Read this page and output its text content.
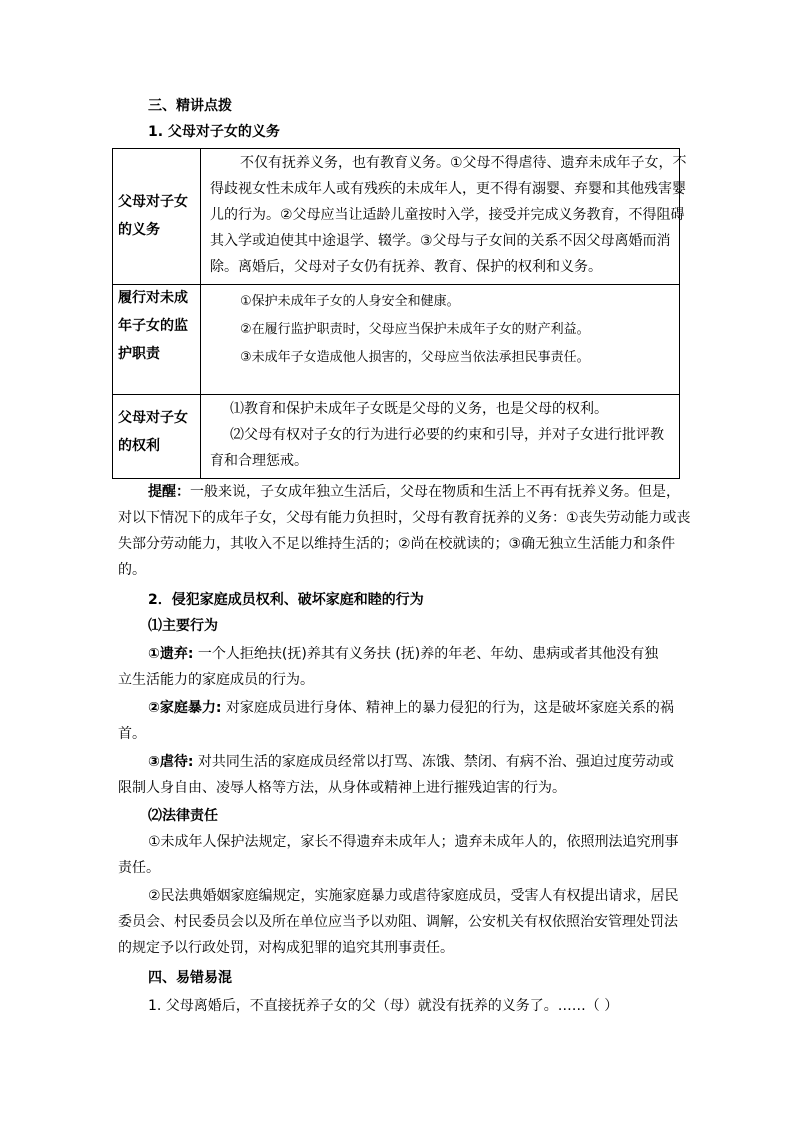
三、精讲点拨
1. 父母对子女的义务
父母对子女的义务
不仅有抚养义务，也有教育义务。①父母不得虐待、遗弃未成年子女，不
得歧视女性未成年人或有残疾的未成年人，更不得有溺婴、弃婴和其他残害婴
儿的行为。②父母应当让适龄儿童按时入学，接受并完成义务教育，不得阻碍
其入学或迫使其中途退学、辍学。③父母与子女间的关系不因父母离婚而消
除。离婚后，父母对子女仍有抚养、教育、保护的权利和义务。
履行对未成年子女的监护职责
①保护未成年子女的人身安全和健康。
②在履行监护职责时，父母应当保护未成年子女的财产利益。
③未成年子女造成他人损害的，父母应当依法承担民事责任。
父母对子女的权利
⑴教育和保护未成年子女既是父母的义务，也是父母的权利。
⑵父母有权对子女的行为进行必要的约束和引导，并对子女进行批评教
育和合理惩戒。
提醒：一般来说，子女成年独立生活后，父母在物质和生活上不再有抚养义务。但是，
对以下情况下的成年子女，父母有能力负担时，父母有教育抚养的义务：①丧失劳动能力或丧
失部分劳动能力，其收入不足以维持生活的；②尚在校就读的；③确无独立生活能力和条件
的。
2．侵犯家庭成员权利、破坏家庭和睦的行为
⑴主要行为
①遗弃: 一个人拒绝扶(抚)养其有义务扶 (抚)养的年老、年幼、患病或者其他没有独
立生活能力的家庭成员的行为。
②家庭暴力: 对家庭成员进行身体、精神上的暴力侵犯的行为，这是破坏家庭关系的祸
首。
③虐待: 对共同生活的家庭成员经常以打骂、冻饿、禁闭、有病不治、强迫过度劳动或
限制人身自由、凌辱人格等方法，从身体或精神上进行摧残迫害的行为。
⑵法律责任
①未成年人保护法规定，家长不得遗弃未成年人；遗弃未成年人的，依照刑法追究刑事
责任。
②民法典婚姻家庭编规定，实施家庭暴力或虐待家庭成员，受害人有权提出请求，居民
委员会、村民委员会以及所在单位应当予以劝阻、调解，公安机关有权依照治安管理处罚法
的规定予以行政处罚，对构成犯罪的追究其刑事责任。
四、易错易混
1. 父母离婚后，不直接抚养子女的父（母）就没有抚养的义务了。……（ ）
